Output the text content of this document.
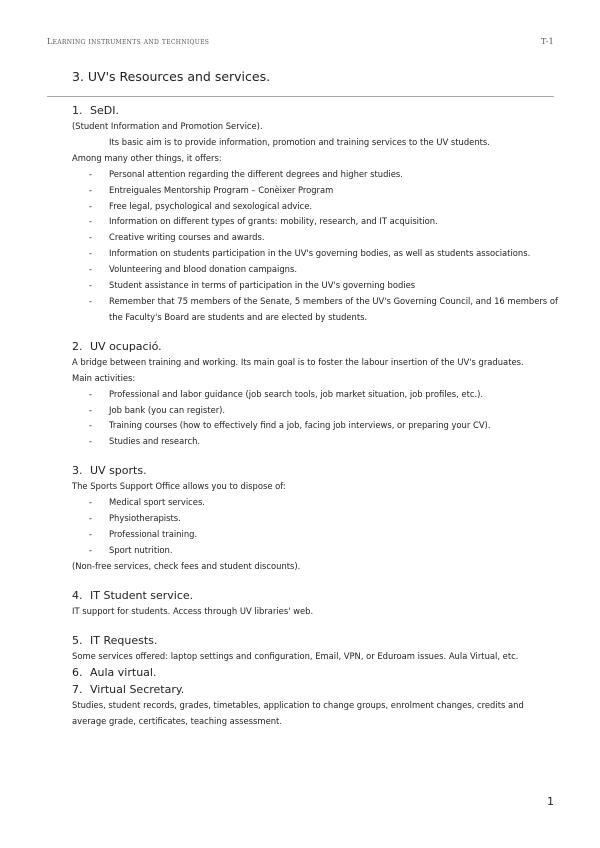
Learning instruments and techniques	T-1
3. UV's Resources and services.
1. SeDI.

(Student Information and Promotion Service).

Its basic aim is to provide information, promotion and training services to the UV students.

Among many other things, it offers:

- Personal attention regarding the different degrees and higher studies.
- Entreiguales Mentorship Program – Conèixer Program
- Free legal, psychological and sexological advice.
- Information on different types of grants: mobility, research, and IT acquisition.
- Creative writing courses and awards.
- Information on students participation in the UV's governing bodies, as well as students associations.
- Volunteering and blood donation campaigns.
- Student assistance in terms of participation in the UV's governing bodies
- Remember that 75 members of the Senate, 5 members of the UV's Governing Council, and 16 members of the Faculty's Board are students and are elected by students.
2. UV ocupació.

A bridge between training and working. Its main goal is to foster the labour insertion of the UV's graduates.

Main activities:

- Professional and labor guidance (job search tools, job market situation, job profiles, etc.).
- Job bank (you can register).
- Training courses (how to effectively find a job, facing job interviews, or preparing your CV).
- Studies and research.
3. UV sports.

The Sports Support Office allows you to dispose of:

- Medical sport services.
- Physiotherapists.
- Professional training.
- Sport nutrition.

(Non-free services, check fees and student discounts).

4. IT Student service.

IT support for students. Access through UV libraries' web.

5. IT Requests.

Some services offered: laptop settings and configuration, Email, VPN, or Eduroam issues. Aula Virtual, etc.

6. Aula virtual.
7. Virtual Secretary.

Studies, student records, grades, timetables, application to change groups, enrolment changes, credits and average grade, certificates, teaching assessment.

1
